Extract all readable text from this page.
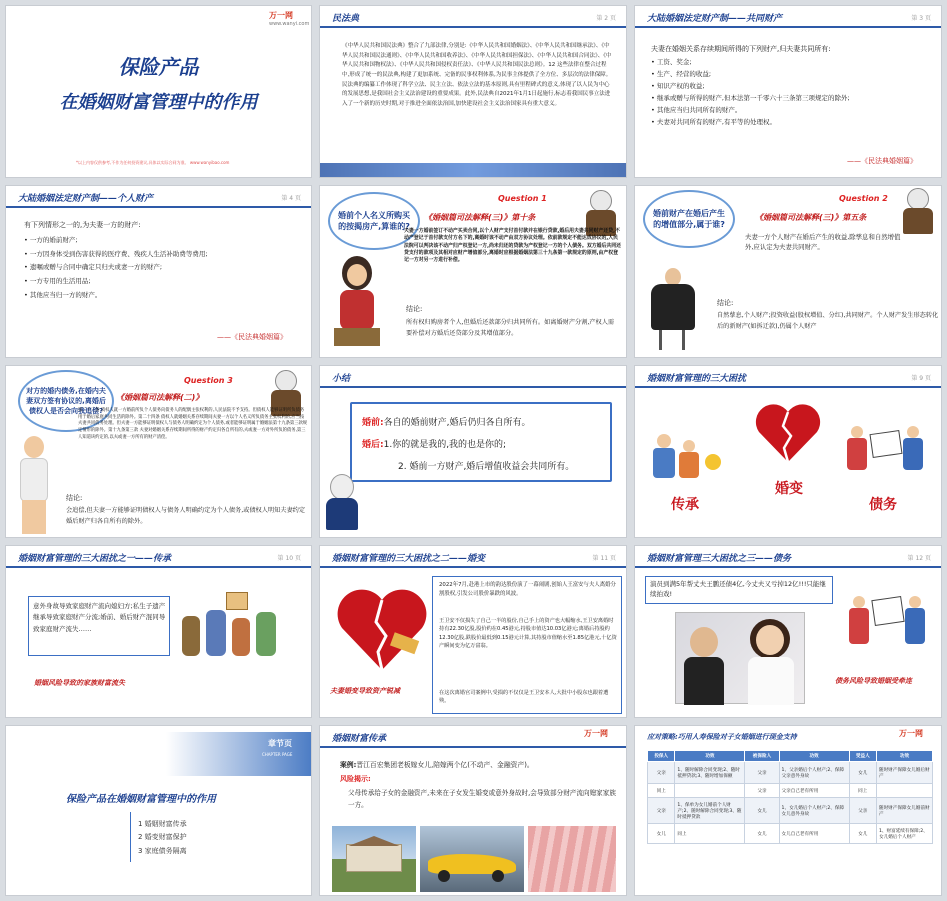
万一网
www.wanyi.com
保险产品
在婚姻财富管理中的作用
*以上内容仅供参考,不作为任何投资建议,具体以实际合同为准。 www.wanyibao.com
民法典	第 2 页
《中华人民共和国民法典》整合了九部法律,分别是:《中华人民共和国婚姻法》、《中华人民共和国继承法》、《中华人民共和国民法通则》、《中华人民共和国收养法》、《中华人民共和国担保法》、《中华人民共和国合同法》、《中华人民共和国物权法》、《中华人民共和国侵权责任法》、《中华人民共和国民法总则》。12 这些法律在整合过程中,形成了统一的民法典,构建了更加系统、完备的民事权利体系,为民事主体提供了全方位、多层次的法律保障。民法典的编纂工作体现了科学立法、民主立法、依法立法的基本原则,具有里程碑式的意义,体现了以人民为中心的发展思想,是我国社会主义法治建设的重要成果。此外,民法典自2021年1月1日起施行,标志着我国民事立法进入了一个新的历史时期,对于推进全面依法治国,加快建设社会主义法治国家具有重大意义。
大陆婚姻法定财产制——共同财产	第 3 页
夫妻在婚姻关系存续期间所得的下列财产,归夫妻共同所有:
• 工资、奖金;
• 生产、经营的收益;
• 知识产权的收益;
• 继承或赠与所得的财产,但本法第一千零六十三条第三项规定的除外;
• 其他应当归共同所有的财产。
• 夫妻对共同所有的财产,有平等的处理权。
——《民法典婚姻篇》
大陆婚姻法定财产制——个人财产	第 4 页
有下列情形之一的,为夫妻一方的财产:
• 一方的婚前财产;
• 一方因身体受到伤害获得的医疗费、残疾人生活补助费等费用;
• 遗嘱或赠与合同中确定只归夫或妻一方的财产;
• 一方专用的生活用品;
• 其他应当归一方的财产。
——《民法典婚姻篇》
婚前个人名义所购买的按揭房产,算谁的?
Question 1
《婚姻篇司法解释(三)》第十条
夫妻一方婚前签订不动产买卖合同,以个人财产支付首付款并在银行贷款,婚后用夫妻共同财产还贷,不动产登记于首付款支付方名下的,离婚时该不动产由双方协议处理。依前款规定不能达成协议的,人民法院可以判决该不动产归产权登记一方,尚未归还的贷款为产权登记一方的个人债务。双方婚后共同还贷支付的款项及其相对应财产增值部分,离婚时应根据婚姻法第三十九条第一款规定的原则,由产权登记一方对另一方进行补偿。
结论:
所有权归购房者个人,但婚后还款部分归共同所有。如离婚财产分割,产权人需要补偿对方婚后还贷部分及其增值部分。
婚前财产在婚后产生的增值部分,属于谁?
Question 2
《婚姻篇司法解释(三)》第五条
夫妻一方个人财产在婚后产生的收益,除孳息和自然增值外,应认定为夫妻共同财产。
结论:
自然孳息,个人财产;投资收益(股权增值、分红),共同财产。个人财产发生形态转化后的新财产(如拆迁款),仍属个人财产
对方的婚内债务,在婚内夫妻双方签有协议的,离婚后债权人是否会向我追偿?
Question 3
《婚姻篇司法解释(二)》
第二十三条 债权人就一方婚前所负个人债务向债务人的配偶主张权利的,人民法院不予支持。但债权人能够证明所负债务用于婚后家庭共同生活的除外。第二十四条 债权人就婚姻关系存续期间夫妻一方以个人名义所负债务主张权利的,应当按夫妻共同债务处理。但夫妻一方能够证明债权人与债务人明确约定为个人债务,或者能够证明属于婚姻法第十九条第三款规定情形的除外。第十九条第三款 夫妻对婚姻关系存续期间所得的财产约定归各自所有的,夫或妻一方对外所负的债务,第三人知道该约定的,以夫或妻一方所有的财产清偿。
结论:
会追偿,但夫妻一方能够证明债权人与债务人明确约定为个人债务,或债权人明知夫妻约定婚后财产归各自所有的除外。
小结
婚前:各自的婚前财产,婚后仍归各自所有。
婚后:1.你的就是我的,我的也是你的;
2. 婚前一方财产,婚后增值收益会共同所有。
婚姻财富管理的三大困扰	第 9 页
传承
婚变
债务
婚姻财富管理的三大困扰之一——传承	第 10 页
意外身故导致家庭财产流向媳妇方;私生子遗产继承导致家庭财产分流;婚前、婚后财产混同导致家庭财产流失……
婚姻风险导致的家族财富流失
婚姻财富管理的三大困扰之二——婚变	第 11 页
2022年7月,赴港上市的韵达股份演了一幕闹剧,创始人王富安与夫人离婚分割股权,引发公司股价暴跌的风波。
王卫安不仅损失了自己一半的股份,自己手上的资产也大幅缩水,王卫安离婚时持有22.30亿股,股价约在0.45港元,持股市值达10.03亿港元;离婚后持股约12.30亿股,跌股价最低到0.15港元计算,其持股市值缩水至1.85亿港元,十亿资产瞬间变为亿万富翁。
在这次离婚官司案例中,受损的不仅仅是王卫安本人,大批中小股东也跟着遭殃。
夫妻婚变导致资产锐减
婚姻财富管理三大困扰之三——债务	第 12 页
演员到满5年帮丈夫王鹏还债4亿,今丈夫又亏掉12亿!!!只能继续拍戏!
债务风险导致婚姻受牵连
章节页
CHAPTER PAGE
保险产品在婚姻财富管理中的作用
1 婚姻财富传承
2 婚变财富保护
3 家庭债务隔离
婚姻财富传承
万一网
案例:晋江百宏集团老板嫁女儿,陪嫁两个亿(不动产、金融资产)。
风险揭示:
父母传承给子女的金融资产,未来在子女发生婚变或意外身故时,会导致部分财产流向媳家家族一方。
应对策略:巧用人寿保险对子女婚姻进行现金支持	万一网
投保人	功效	被保险人	功效	受益人	功效
父亲	1、随时解除合同变现;2、随时抵押贷款;3、随时增加保额	父亲	1、父亲婚后个人财产;2、保障父亲意外身故	女儿	随时财产保障女儿婚后财产
同上		父亲	父亲自己老有所用	同上	
父亲	1、保单为女儿婚前个人财产;2、随时解除合同变现;3、随时抵押贷款	女儿	1、女儿婚后个人财产;2、保障女儿意外身故	父亲	随时财产保障女儿婚前财产
女儿	同上	女儿	女儿自己老有所用	女儿	1、财富延续有保障;2、女儿婚后个人财产
